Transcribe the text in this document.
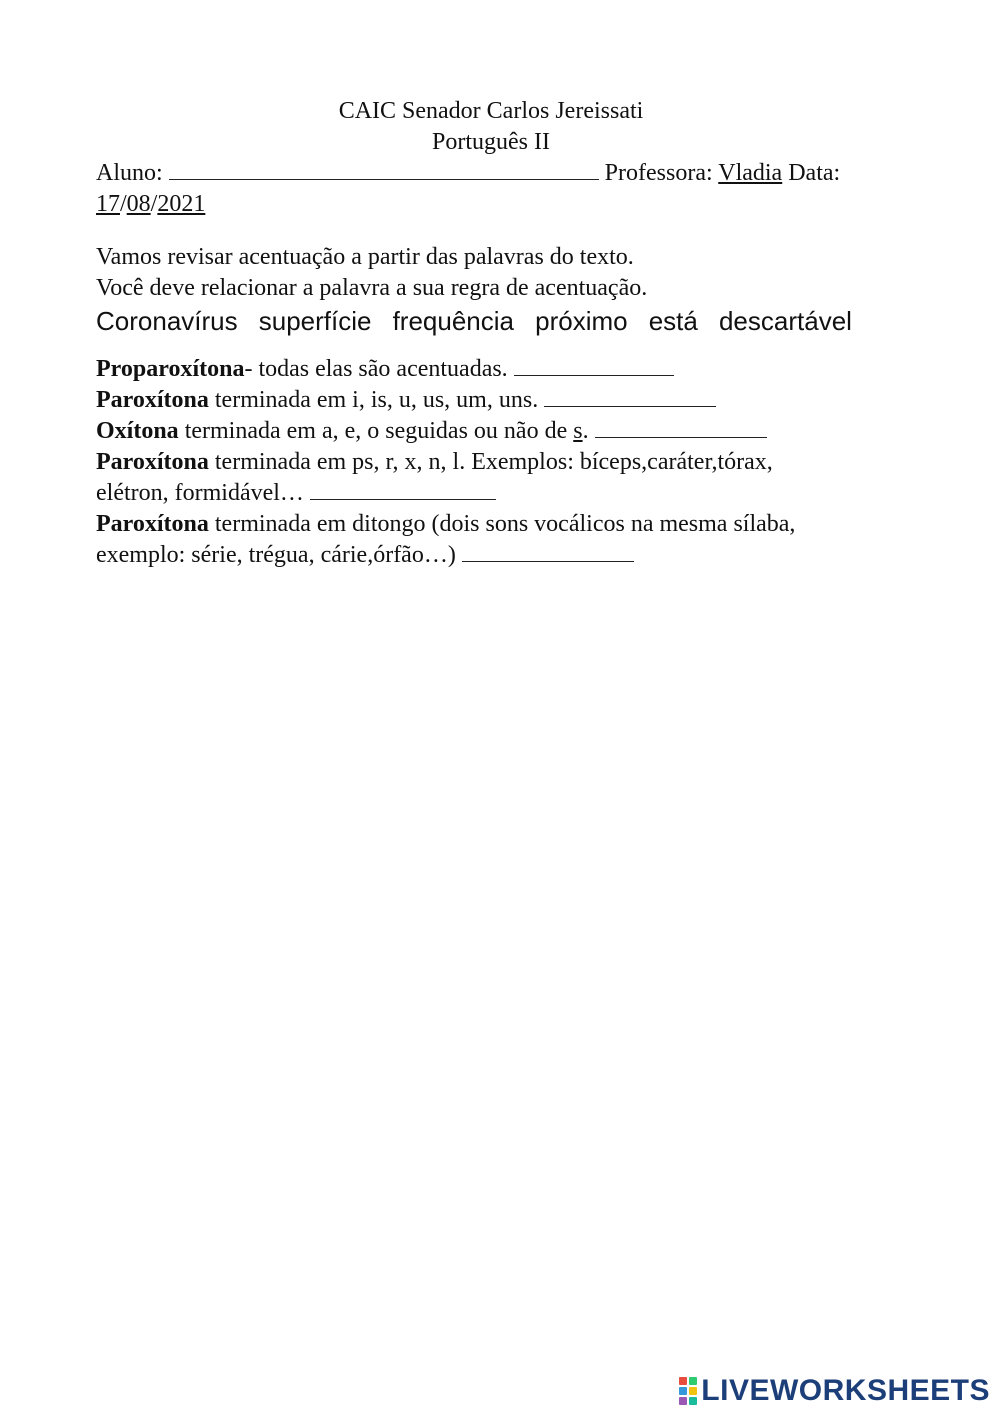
CAIC Senador Carlos Jereissati
Português II
Aluno:	Professora: Vladia Data:
17/08/2021
Vamos revisar acentuação a partir das palavras do texto.
Você deve relacionar a palavra a sua regra de acentuação.
Coronavírus superfície frequência próximo está descartável
Proparoxítona- todas elas são acentuadas.
Paroxítona terminada em i, is, u, us, um, uns.
Oxítona terminada em a, e, o seguidas ou não de s.
Paroxítona terminada em ps, r, x, n, l. Exemplos: bíceps,caráter,tórax,
elétron, formidável…
Paroxítona terminada em ditongo (dois sons vocálicos na mesma sílaba,
exemplo: série, trégua, cárie,órfão…)
LIVEWORKSHEETS
